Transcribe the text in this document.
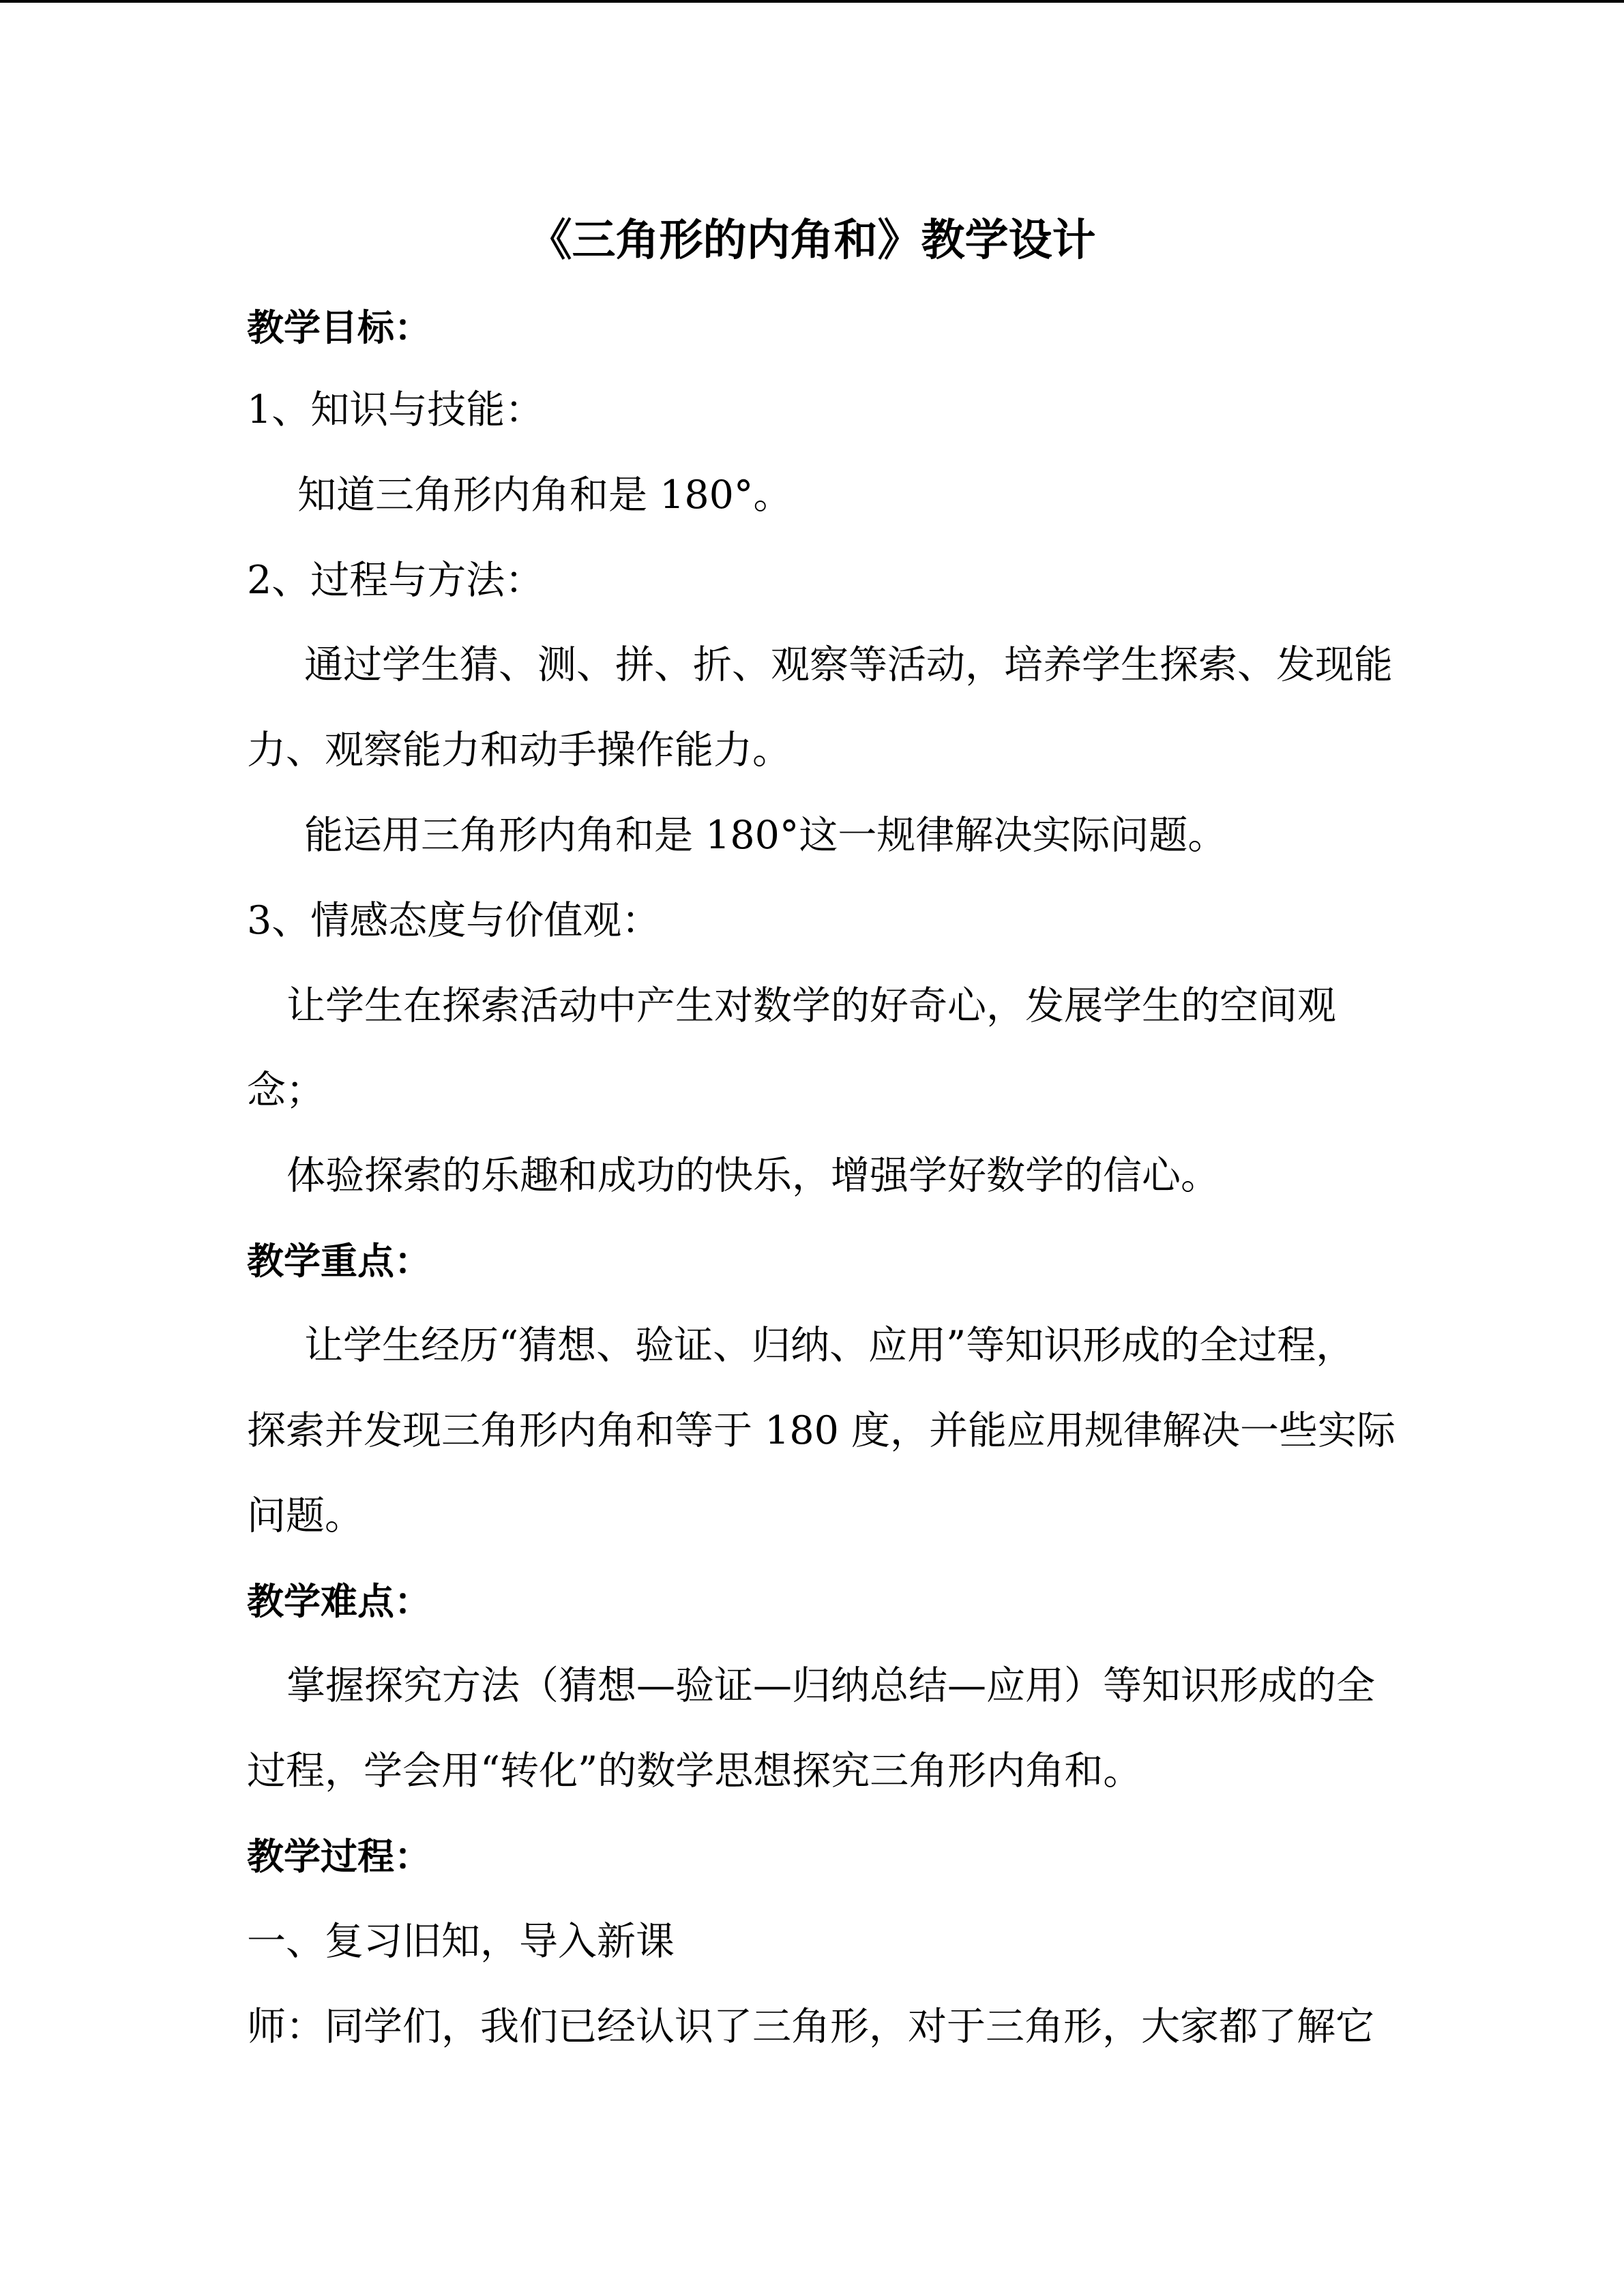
《三角形的内角和》教学设计
教学目标：
1、知识与技能：
知道三角形内角和是 180°。
2、过程与方法：
通过学生猜、测、拼、折、观察等活动，培养学生探索、发现能
力、观察能力和动手操作能力。
能运用三角形内角和是 180°这一规律解决实际问题。
3、情感态度与价值观：
让学生在探索活动中产生对数学的好奇心，发展学生的空间观
念；
体验探索的乐趣和成功的快乐，增强学好数学的信心。
教学重点：
让学生经历“猜想、验证、归纳、应用”等知识形成的全过程，
探索并发现三角形内角和等于 180 度，并能应用规律解决一些实际
问题。
教学难点：
掌握探究方法（猜想—验证—归纳总结—应用）等知识形成的全
过程，学会用“转化”的数学思想探究三角形内角和。
教学过程：
一、复习旧知，导入新课
师：同学们，我们已经认识了三角形，对于三角形，大家都了解它
